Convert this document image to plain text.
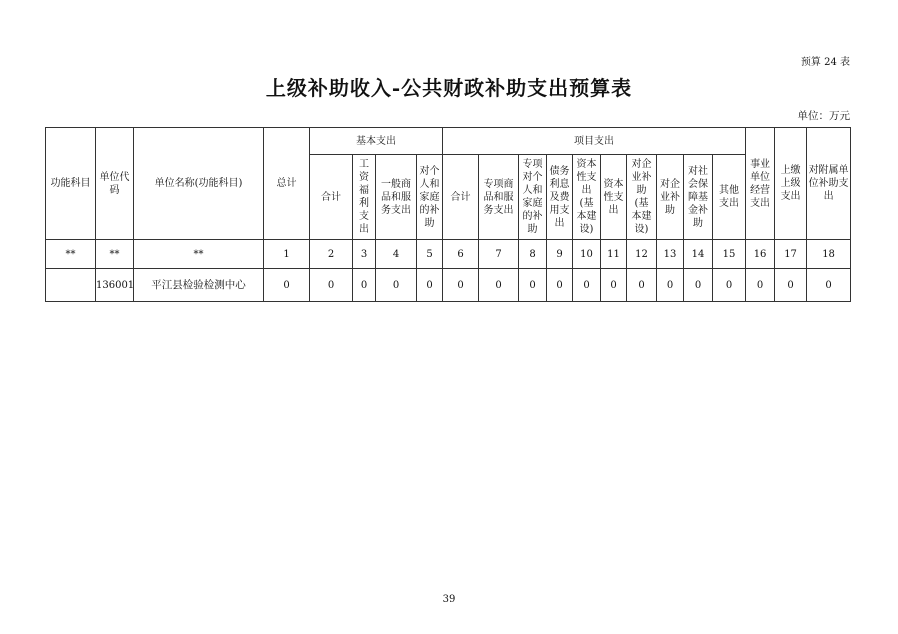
预算 24 表
上级补助收入-公共财政补助支出预算表
单位：万元
功能科目	单位代码	单位名称(功能科目)	总计	基本支出				项目支出										事业单位经营支出	上缴上级支出	对附属单位补助支出

				合计	工资福利支出	一般商品和服务支出	对个人和家庭的补助	合计	专项商品和服务支出	专项对个人和家庭的补助	债务利息及费用支出	资本性支出(基本建设)	资本性支出	对企业补助(基本建设)	对企业补助	对社会保障基金补助	其他支出			

**	**	**	1	2	3	4	5	6	7	8	9	10	11	12	13	14	15	16	17	18
	136001	平江县检验检测中心	0	0	0	0	0	0	0	0	0	0	0	0	0	0	0	0	0	0
39
